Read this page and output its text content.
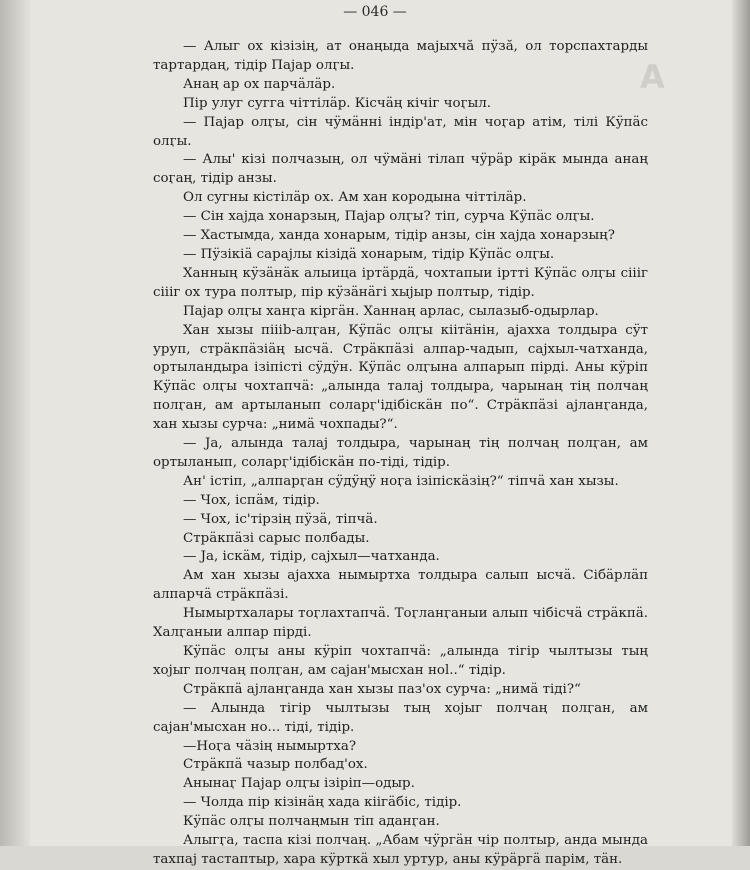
А
— 046 —

— Алыг ох кізізің, ат онаңыда маjыхчӑ пӱзӑ, ол торспахтарды тартардаң, тідір Паjар олӷы.

Анаң ар ох парчӓлӓр.

Пір улуг сугга чіттілӓр. Кісчӓң кічіг чоӷыл.

— Паjар олӷы, сін чӱмӓнні індір'ат, мін чоӷар атім, тілі Кӱпӓс олӷы.

— Алы' кізі полчазың, ол чӱмӓні тілап чӱрӓр кірӓк мында анаң соӷаң, тідір анзы.

Ол сугны кістілӓр ох. Ам хан кородына чіттілӓр.

— Сін хаjда хонарзың, Паjар олӷы? тіп, сурча Кӱпӓс олӷы.

— Хастымда, ханда хонарым, тідір анзы, сін хаjда хонарзың?

— Пӱзікіӓ сараjлы кізідӓ хонарым, тідір Кӱпӓс олӷы.

Ханның кӱзӓнӓк алыица іртӓрдӓ, чохтапыи іртті Кӱпӓс олӷы сіііг сіііг ох тура полтыр, пір кӱзӓнӓгі хыjыр полтыр, тідір.

Паjар олӷы ханӷа кіргӓн. Ханнаң арлас, сылазыб-одырлар.

Хан хызы пііib-алӷан, Кӱпӓс олӷы кіітӓнін, аjахха толдыра сӱт уруп, стрӓкпӓзіӓң ысчӓ. Стрӓкпӓзі алпар-чадып, саjхыл-чатханда, ортыландыра ізіпісті сӱдӱн. Кӱпӓс олӷына алпарып пірді. Аны кӱріп Кӱпӓс олӷы чохтапчӓ: „алында талаj толдыра, чарынаң тің полчаң полӷан, ам артыланып соларӷ'ідібіскӓн по“. Стрӓкпӓзі аjланӷанда, хан хызы сурча: „нимӓ чохпады?“.

— Jа, алында талаj толдыра, чарынаң тің полчаң полӷан, ам ортыланып, соларӷ'ідібіскӓн по-тіді, тідір.

Ан' істіп, „алпарӷан сӱдӱңӱ ноӷа ізіпіскӓзің?“ тіпчӓ хан хызы.

— Чох, іспӓм, тідір.

— Чох, іс'тірзің пӱзӓ, тіпчӓ.

Стрӓкпӓзі сарыс полбады.

— Jа, іскӓм, тідір, саjхыл—чатханда.

Ам хан хызы аjахха нымыртха толдыра салып ысчӓ. Сібӓрлӓп алпарчӓ стрӓкпӓзі.

Нымыртхалары тоӷлахтапчӓ. Тоӷланӷаныи алып чібісчӓ стрӓкпӓ. Халӷаныи алпар пірді.

Кӱпӓс олӷы аны кӱріп чохтапчӓ: „алында тігір чылтызы тың хоjыг полчаң полӷан, ам саjан'мысхан ноl..“ тідір.

Стрӓкпӓ аjланӷанда хан хызы паз'ох сурча: „нимӓ тіді?“

— Алында тігір чылтызы тың хоjыг полчаң полӷан, ам саjан'мысхан но... тіді, тідір.

—Ноӷа чӓзің нымыртха?

Стрӓкпӓ чазыр полбад'ох.

Анынаӷ Паjар олӷы ізіріп—одыр.

— Чолда пір кізінӓң хада кіігӓбіс, тідір.

Кӱпӓс олӷы полчаңмын тіп аданӷан.

Алыгӷа, таспа кізі полчаң. „Абам чӱргӓн чір полтыр, анда мында тахпаj тастаптыр, хара кӱрткӓ хыл уртур, аны кӱрӓргӓ парім, тӓн.
